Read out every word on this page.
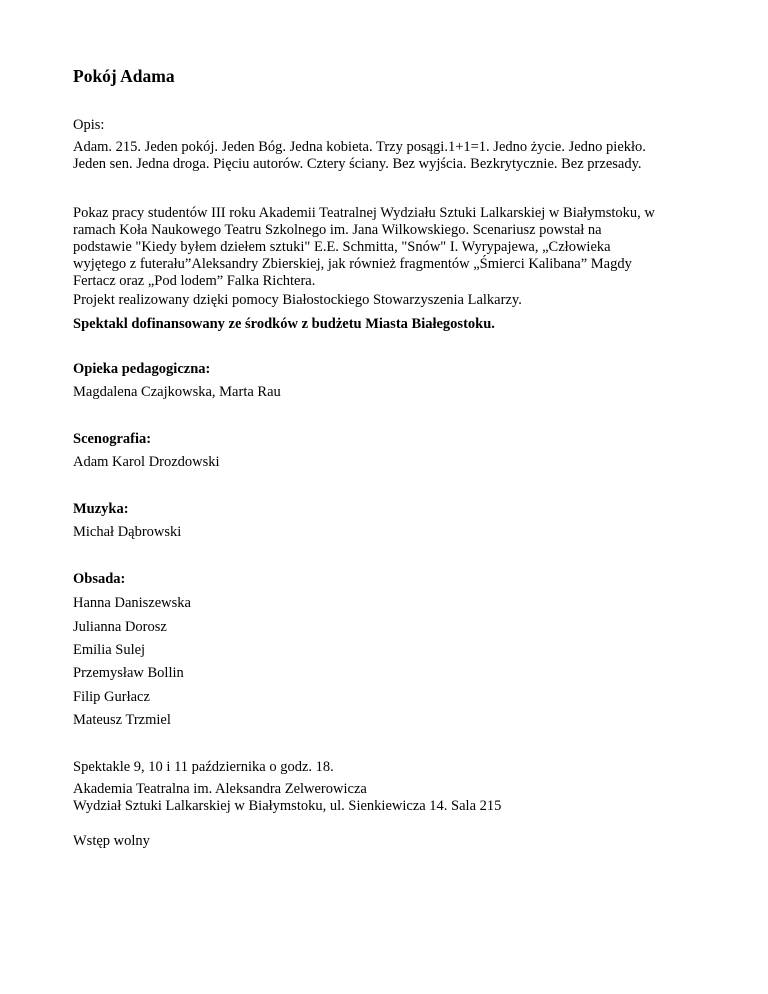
Pokój Adama
Opis:
Adam. 215. Jeden pokój. Jeden Bóg. Jedna kobieta. Trzy posągi.1+1=1. Jedno życie. Jedno piekło.
Jeden sen. Jedna droga. Pięciu autorów. Cztery ściany. Bez wyjścia. Bezkrytycznie. Bez przesady.
Pokaz pracy studentów III roku Akademii Teatralnej Wydziału Sztuki Lalkarskiej w Białymstoku, w
ramach Koła Naukowego Teatru Szkolnego im. Jana Wilkowskiego. Scenariusz powstał na
podstawie "Kiedy byłem dziełem sztuki" E.E. Schmitta, "Snów" I. Wyrypajewa, „Człowieka
wyjętego z futerału”Aleksandry Zbierskiej, jak również fragmentów „Śmierci Kalibana” Magdy
Fertacz oraz „Pod lodem” Falka Richtera.
Projekt realizowany dzięki pomocy Białostockiego Stowarzyszenia Lalkarzy.
Spektakl dofinansowany ze środków z budżetu Miasta Białegostoku.
Opieka pedagogiczna:
Magdalena Czajkowska, Marta Rau
Scenografia:
Adam Karol Drozdowski
Muzyka:
Michał Dąbrowski
Obsada:
Hanna Daniszewska
Julianna Dorosz
Emilia Sulej
Przemysław Bollin
Filip Gurłacz
Mateusz Trzmiel
Spektakle 9, 10 i 11 października o godz. 18.
Akademia Teatralna im. Aleksandra Zelwerowicza
Wydział Sztuki Lalkarskiej w Białymstoku, ul. Sienkiewicza 14. Sala 215
Wstęp wolny
